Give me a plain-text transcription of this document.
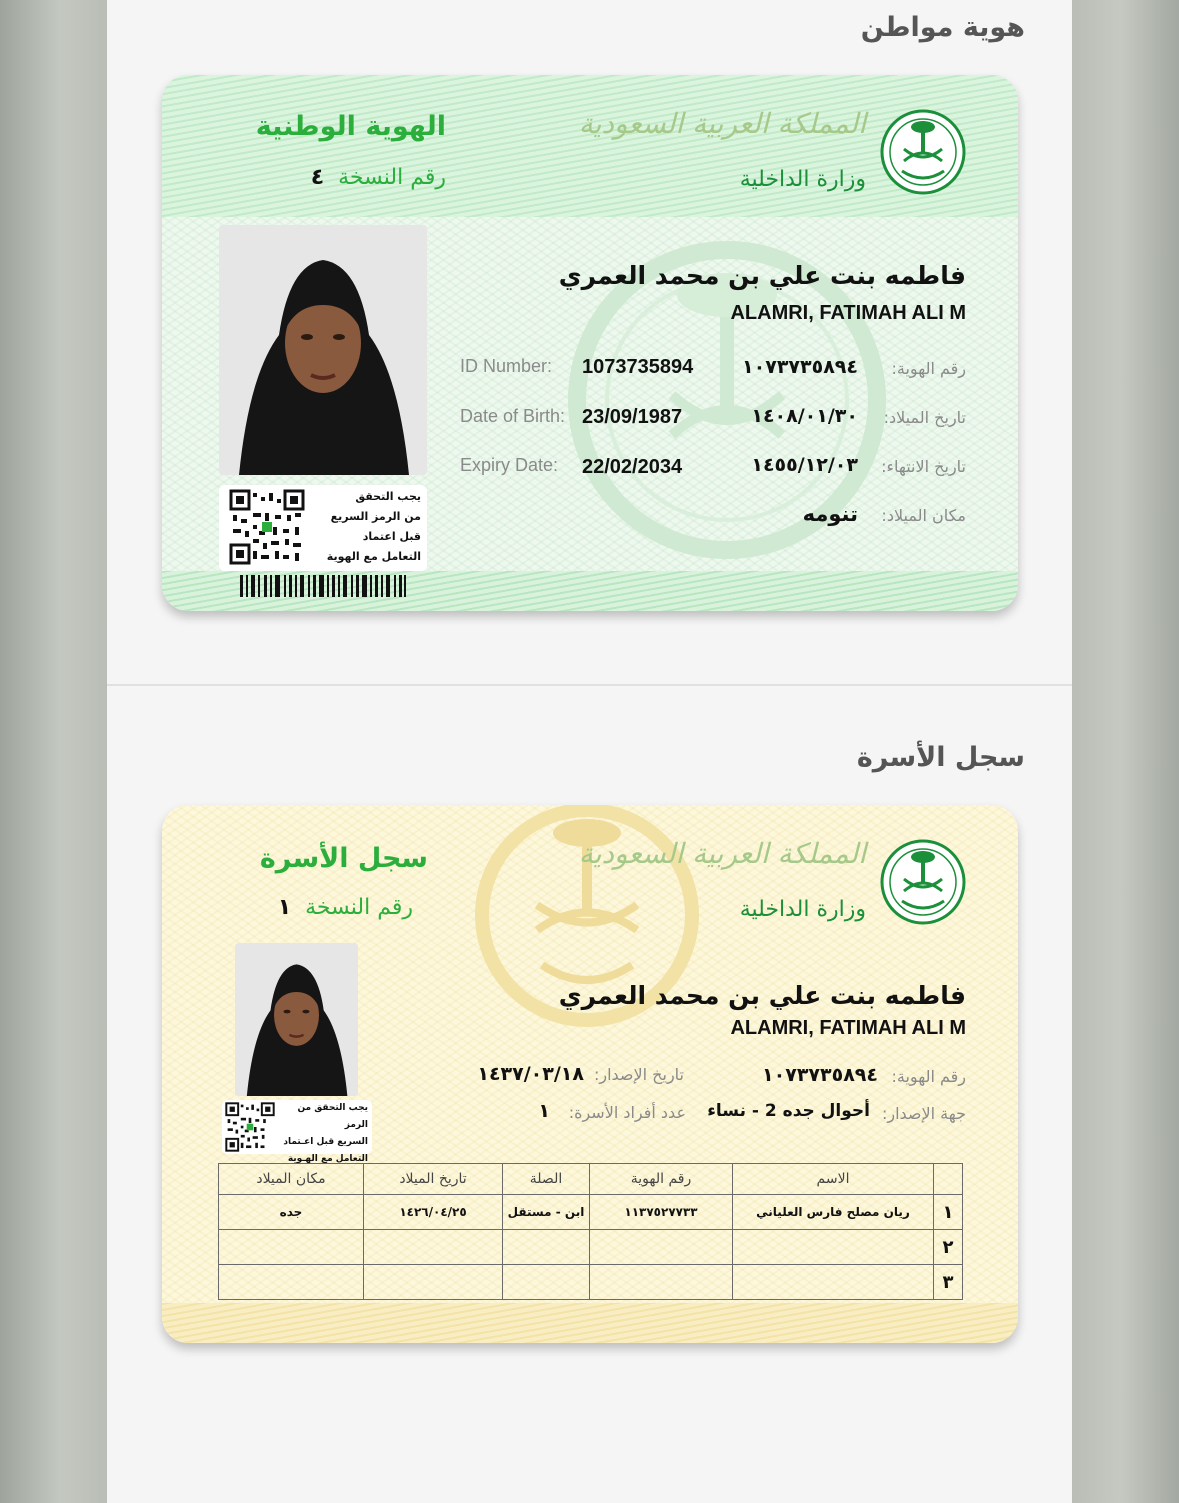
هوية مواطن
المملكة العربية السعودية
وزارة الداخلية
الهوية الوطنية
رقم النسخة٤
يجب التحقق
من الرمز السريع
قبل اعتماد
التعامل مع الهوية
فاطمه بنت علي بن محمد العمري
ALAMRI, FATIMAH ALI M
ID Number: 1073735894	١٠٧٣٧٣٥٨٩٤ رقم الهوية:
Date of Birth: 23/09/1987	١٤٠٨/٠١/٣٠ تاريخ الميلاد:
Expiry Date: 22/02/2034	١٤٥٥/١٢/٠٣ تاريخ الانتهاء:
تنومه مكان الميلاد:
سجل الأسرة
المملكة العربية السعودية
وزارة الداخلية
سجل الأسرة
رقم النسخة١
يجب التحقق من الرمز
السريع قبل اعـتماد
التعامل مع الهـوية
فاطمه بنت علي بن محمد العمري
ALAMRI, FATIMAH ALI M
رقم الهوية:
١٠٧٣٧٣٥٨٩٤
تاريخ الإصدار:
١٤٣٧/٠٣/١٨
جهة الإصدار:
أحوال جده 2 - نساء
عدد أفراد الأسرة:
١
	الاسم	رقم الهوية	الصلة	تاريخ الميلاد	مكان الميلاد
١	ريان مصلح فارس العلياني	١١٣٧٥٢٧٧٣٣	ابن - مستقل	١٤٢٦/٠٤/٢٥	جده
٢					
٣					
